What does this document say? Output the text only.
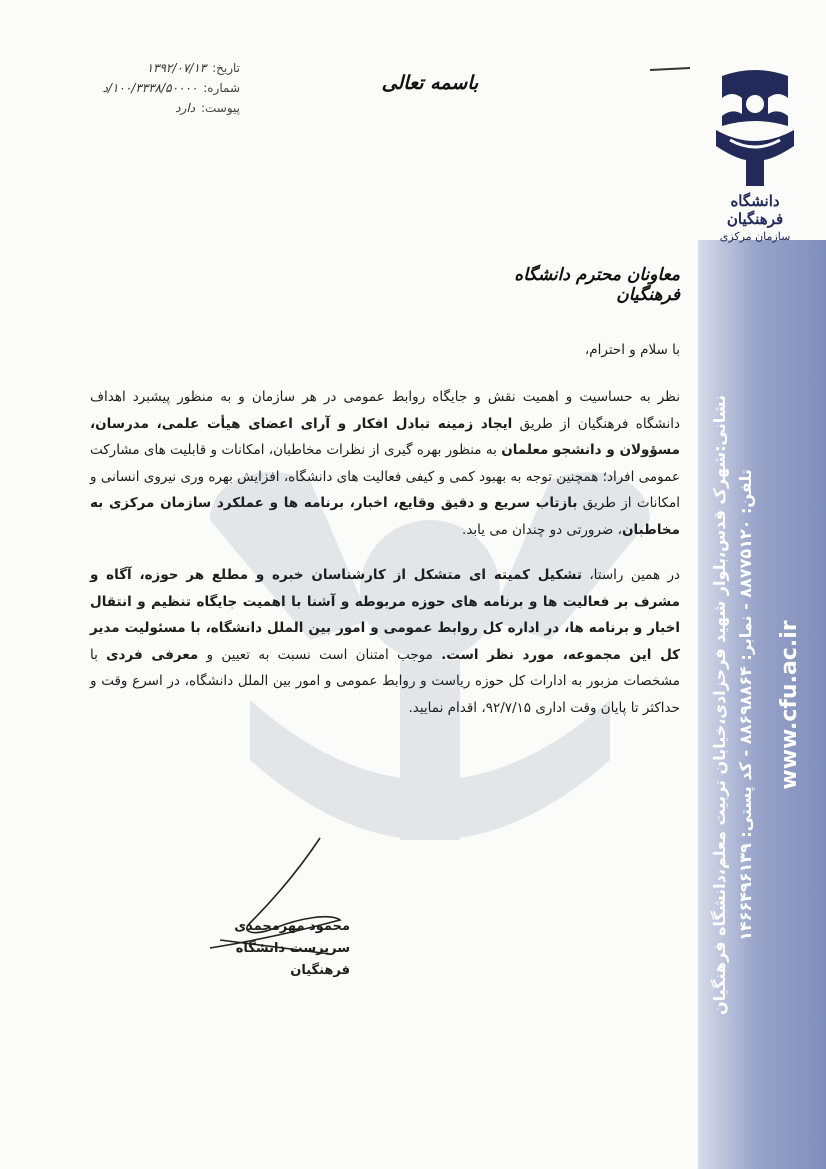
نشانی:شهرک قدس،بلوار شهید فرحزادی،خیابان تربیت معلم،دانشگاه فرهنگیان تلفن: ۸۸۷۷۵۱۲۰ - نمابر: ۸۸۶۹۸۸۶۴ - کد پستی: ۱۴۶۶۴۹۶۱۳۹
www.cfu.ac.ir
دانشگاه فرهنگیان
سازمان مرکزی
باسمه تعالی
تاریخ: ۱۳۹۲/۰۷/۱۳
شماره: ۱۰۰/۳۳۳۸/۵۰۰۰۰/د
پیوست: دارد
معاونان محترم دانشگاه فرهنگیان
با سلام و احترام،

نظر به حساسیت و اهمیت نقش و جایگاه روابط عمومی در هر سازمان و به منظور پیشبرد اهداف دانشگاه فرهنگیان از طریق ایجاد زمینه تبادل افکار و آرای اعضای هیأت علمی، مدرسان، مسؤولان و دانشجو معلمان به منظور بهره گیری از نظرات مخاطبان، امکانات و قابلیت های مشارکت عمومی افراد؛ همچنین توجه به بهبود کمی و کیفی فعالیت های دانشگاه، افزایش بهره وری نیروی انسانی و امکانات از طریق بازتاب سریع و دقیق وقایع، اخبار، برنامه ها و عملکرد سازمان مرکزی به مخاطبان، ضرورتی دو چندان می یابد.

در همین راستا، تشکیل کمیته ای متشکل از کارشناسان خبره و مطلع هر حوزه، آگاه و مشرف بر فعالیت ها و برنامه های حوزه مربوطه و آشنا با اهمیت جایگاه تنظیم و انتقال اخبار و برنامه ها، در اداره کل روابط عمومی و امور بین الملل دانشگاه، با مسئولیت مدیر کل این مجموعه، مورد نظر است. موجب امتنان است نسبت به تعیین و معرفی فردی با مشخصات مزبور به ادارات کل حوزه ریاست و روابط عمومی و امور بین الملل دانشگاه، در اسرع وقت و حداکثر تا پایان وقت اداری ۹۲/۷/۱۵، اقدام نمایید.

محمود مهرمحمدی
سرپرست دانشگاه فرهنگیان
